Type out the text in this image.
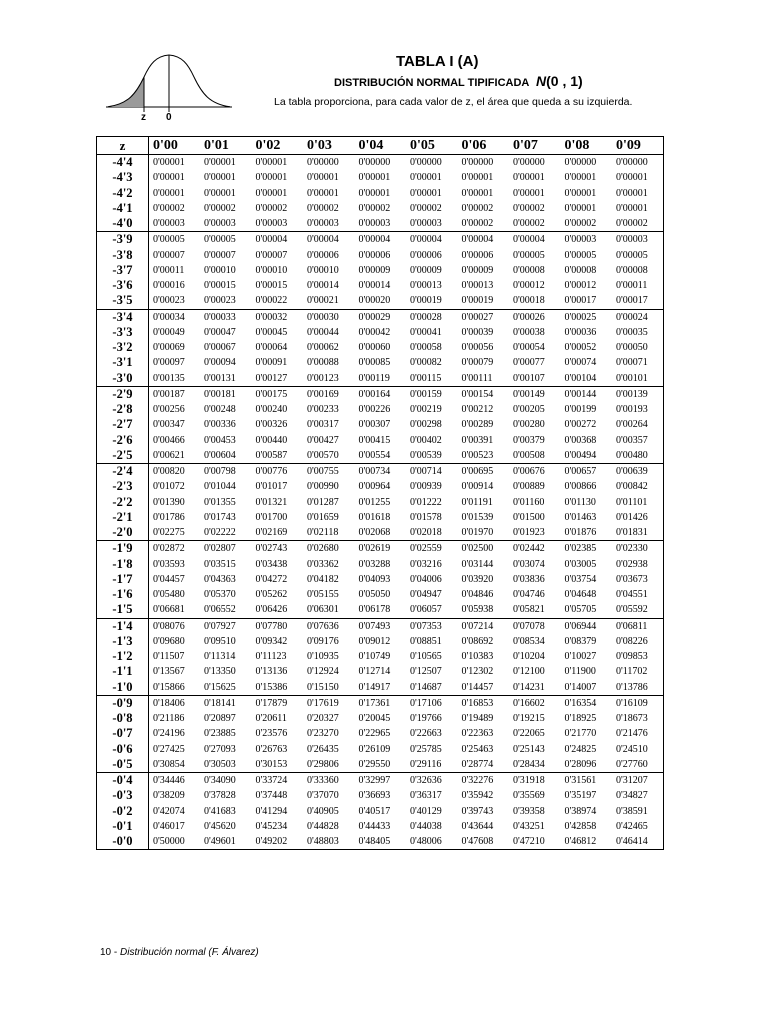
z 0
TABLA I (A)
DISTRIBUCIÓN NORMAL TIPIFICADA N(0 , 1)
La tabla proporciona, para cada valor de z, el área que queda a su izquierda.
z	0'00	0'01	0'02	0'03	0'04	0'05	0'06	0'07	0'08	0'09
-4'4	0'00001	0'00001	0'00001	0'00000	0'00000	0'00000	0'00000	0'00000	0'00000	0'00000
-4'3	0'00001	0'00001	0'00001	0'00001	0'00001	0'00001	0'00001	0'00001	0'00001	0'00001
-4'2	0'00001	0'00001	0'00001	0'00001	0'00001	0'00001	0'00001	0'00001	0'00001	0'00001
-4'1	0'00002	0'00002	0'00002	0'00002	0'00002	0'00002	0'00002	0'00002	0'00001	0'00001
-4'0	0'00003	0'00003	0'00003	0'00003	0'00003	0'00003	0'00002	0'00002	0'00002	0'00002
-3'9	0'00005	0'00005	0'00004	0'00004	0'00004	0'00004	0'00004	0'00004	0'00003	0'00003
-3'8	0'00007	0'00007	0'00007	0'00006	0'00006	0'00006	0'00006	0'00005	0'00005	0'00005
-3'7	0'00011	0'00010	0'00010	0'00010	0'00009	0'00009	0'00009	0'00008	0'00008	0'00008
-3'6	0'00016	0'00015	0'00015	0'00014	0'00014	0'00013	0'00013	0'00012	0'00012	0'00011
-3'5	0'00023	0'00023	0'00022	0'00021	0'00020	0'00019	0'00019	0'00018	0'00017	0'00017
-3'4	0'00034	0'00033	0'00032	0'00030	0'00029	0'00028	0'00027	0'00026	0'00025	0'00024
-3'3	0'00049	0'00047	0'00045	0'00044	0'00042	0'00041	0'00039	0'00038	0'00036	0'00035
-3'2	0'00069	0'00067	0'00064	0'00062	0'00060	0'00058	0'00056	0'00054	0'00052	0'00050
-3'1	0'00097	0'00094	0'00091	0'00088	0'00085	0'00082	0'00079	0'00077	0'00074	0'00071
-3'0	0'00135	0'00131	0'00127	0'00123	0'00119	0'00115	0'00111	0'00107	0'00104	0'00101
-2'9	0'00187	0'00181	0'00175	0'00169	0'00164	0'00159	0'00154	0'00149	0'00144	0'00139
-2'8	0'00256	0'00248	0'00240	0'00233	0'00226	0'00219	0'00212	0'00205	0'00199	0'00193
-2'7	0'00347	0'00336	0'00326	0'00317	0'00307	0'00298	0'00289	0'00280	0'00272	0'00264
-2'6	0'00466	0'00453	0'00440	0'00427	0'00415	0'00402	0'00391	0'00379	0'00368	0'00357
-2'5	0'00621	0'00604	0'00587	0'00570	0'00554	0'00539	0'00523	0'00508	0'00494	0'00480
-2'4	0'00820	0'00798	0'00776	0'00755	0'00734	0'00714	0'00695	0'00676	0'00657	0'00639
-2'3	0'01072	0'01044	0'01017	0'00990	0'00964	0'00939	0'00914	0'00889	0'00866	0'00842
-2'2	0'01390	0'01355	0'01321	0'01287	0'01255	0'01222	0'01191	0'01160	0'01130	0'01101
-2'1	0'01786	0'01743	0'01700	0'01659	0'01618	0'01578	0'01539	0'01500	0'01463	0'01426
-2'0	0'02275	0'02222	0'02169	0'02118	0'02068	0'02018	0'01970	0'01923	0'01876	0'01831
-1'9	0'02872	0'02807	0'02743	0'02680	0'02619	0'02559	0'02500	0'02442	0'02385	0'02330
-1'8	0'03593	0'03515	0'03438	0'03362	0'03288	0'03216	0'03144	0'03074	0'03005	0'02938
-1'7	0'04457	0'04363	0'04272	0'04182	0'04093	0'04006	0'03920	0'03836	0'03754	0'03673
-1'6	0'05480	0'05370	0'05262	0'05155	0'05050	0'04947	0'04846	0'04746	0'04648	0'04551
-1'5	0'06681	0'06552	0'06426	0'06301	0'06178	0'06057	0'05938	0'05821	0'05705	0'05592
-1'4	0'08076	0'07927	0'07780	0'07636	0'07493	0'07353	0'07214	0'07078	0'06944	0'06811
-1'3	0'09680	0'09510	0'09342	0'09176	0'09012	0'08851	0'08692	0'08534	0'08379	0'08226
-1'2	0'11507	0'11314	0'11123	0'10935	0'10749	0'10565	0'10383	0'10204	0'10027	0'09853
-1'1	0'13567	0'13350	0'13136	0'12924	0'12714	0'12507	0'12302	0'12100	0'11900	0'11702
-1'0	0'15866	0'15625	0'15386	0'15150	0'14917	0'14687	0'14457	0'14231	0'14007	0'13786
-0'9	0'18406	0'18141	0'17879	0'17619	0'17361	0'17106	0'16853	0'16602	0'16354	0'16109
-0'8	0'21186	0'20897	0'20611	0'20327	0'20045	0'19766	0'19489	0'19215	0'18925	0'18673
-0'7	0'24196	0'23885	0'23576	0'23270	0'22965	0'22663	0'22363	0'22065	0'21770	0'21476
-0'6	0'27425	0'27093	0'26763	0'26435	0'26109	0'25785	0'25463	0'25143	0'24825	0'24510
-0'5	0'30854	0'30503	0'30153	0'29806	0'29550	0'29116	0'28774	0'28434	0'28096	0'27760
-0'4	0'34446	0'34090	0'33724	0'33360	0'32997	0'32636	0'32276	0'31918	0'31561	0'31207
-0'3	0'38209	0'37828	0'37448	0'37070	0'36693	0'36317	0'35942	0'35569	0'35197	0'34827
-0'2	0'42074	0'41683	0'41294	0'40905	0'40517	0'40129	0'39743	0'39358	0'38974	0'38591
-0'1	0'46017	0'45620	0'45234	0'44828	0'44433	0'44038	0'43644	0'43251	0'42858	0'42465
-0'0	0'50000	0'49601	0'49202	0'48803	0'48405	0'48006	0'47608	0'47210	0'46812	0'46414
10 - Distribución normal (F. Álvarez)
